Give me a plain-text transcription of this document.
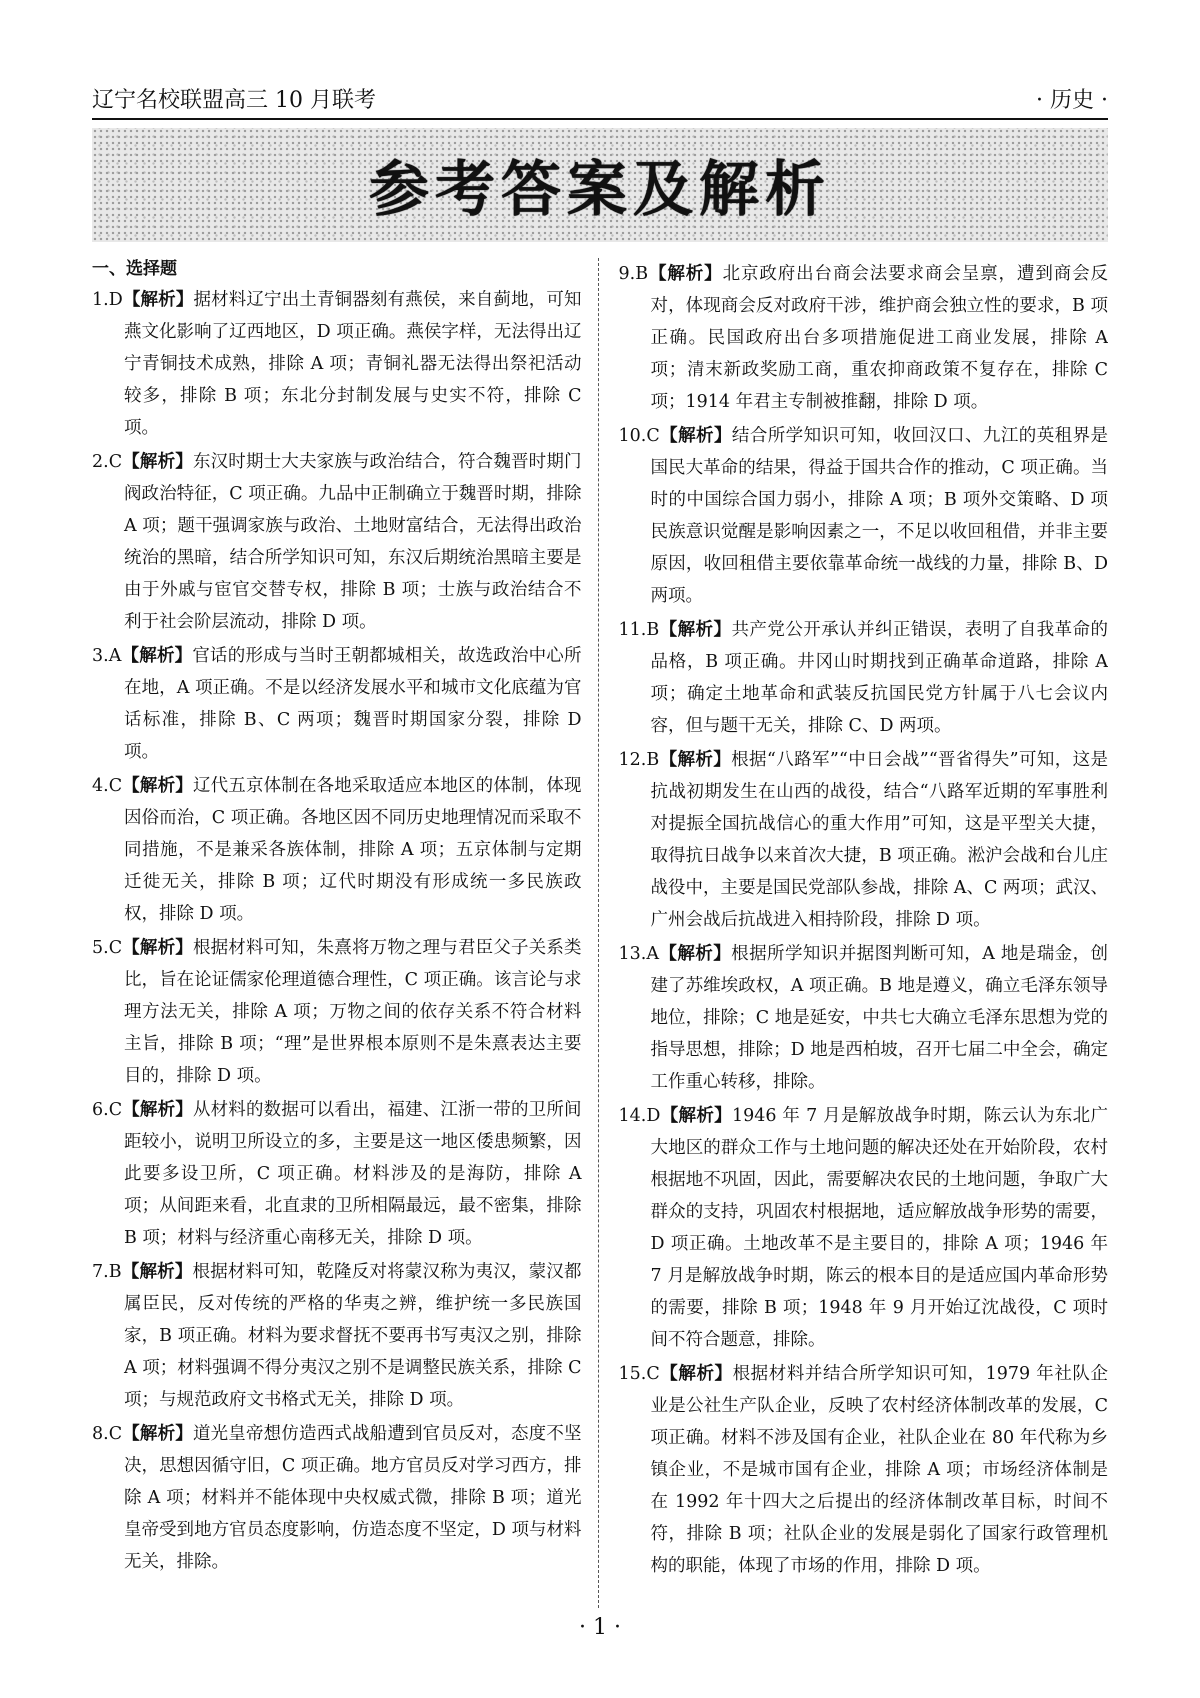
辽宁名校联盟高三 10 月联考	· 历史 ·
参考答案及解析
一、选择题

1.D【解析】据材料辽宁出土青铜器刻有燕侯，来自蓟地，可知燕文化影响了辽西地区，D 项正确。燕侯字样，无法得出辽宁青铜技术成熟，排除 A 项；青铜礼器无法得出祭祀活动较多，排除 B 项；东北分封制发展与史实不符，排除 C 项。

2.C【解析】东汉时期士大夫家族与政治结合，符合魏晋时期门阀政治特征，C 项正确。九品中正制确立于魏晋时期，排除 A 项；题干强调家族与政治、土地财富结合，无法得出政治统治的黑暗，结合所学知识可知，东汉后期统治黑暗主要是由于外戚与宦官交替专权，排除 B 项；士族与政治结合不利于社会阶层流动，排除 D 项。

3.A【解析】官话的形成与当时王朝都城相关，故选政治中心所在地，A 项正确。不是以经济发展水平和城市文化底蕴为官话标准，排除 B、C 两项；魏晋时期国家分裂，排除 D 项。

4.C【解析】辽代五京体制在各地采取适应本地区的体制，体现因俗而治，C 项正确。各地区因不同历史地理情况而采取不同措施，不是兼采各族体制，排除 A 项；五京体制与定期迁徙无关，排除 B 项；辽代时期没有形成统一多民族政权，排除 D 项。

5.C【解析】根据材料可知，朱熹将万物之理与君臣父子关系类比，旨在论证儒家伦理道德合理性，C 项正确。该言论与求理方法无关，排除 A 项；万物之间的依存关系不符合材料主旨，排除 B 项；“理”是世界根本原则不是朱熹表达主要目的，排除 D 项。

6.C【解析】从材料的数据可以看出，福建、江浙一带的卫所间距较小，说明卫所设立的多，主要是这一地区倭患频繁，因此要多设卫所，C 项正确。材料涉及的是海防，排除 A 项；从间距来看，北直隶的卫所相隔最远，最不密集，排除 B 项；材料与经济重心南移无关，排除 D 项。

7.B【解析】根据材料可知，乾隆反对将蒙汉称为夷汉，蒙汉都属臣民，反对传统的严格的华夷之辨，维护统一多民族国家，B 项正确。材料为要求督抚不要再书写夷汉之别，排除 A 项；材料强调不得分夷汉之别不是调整民族关系，排除 C 项；与规范政府文书格式无关，排除 D 项。

8.C【解析】道光皇帝想仿造西式战船遭到官员反对，态度不坚决，思想因循守旧，C 项正确。地方官员反对学习西方，排除 A 项；材料并不能体现中央权威式微，排除 B 项；道光皇帝受到地方官员态度影响，仿造态度不坚定，D 项与材料无关，排除。

9.B【解析】北京政府出台商会法要求商会呈禀，遭到商会反对，体现商会反对政府干涉，维护商会独立性的要求，B 项正确。民国政府出台多项措施促进工商业发展，排除 A 项；清末新政奖励工商，重农抑商政策不复存在，排除 C 项；1914 年君主专制被推翻，排除 D 项。

10.C【解析】结合所学知识可知，收回汉口、九江的英租界是国民大革命的结果，得益于国共合作的推动，C 项正确。当时的中国综合国力弱小，排除 A 项；B 项外交策略、D 项民族意识觉醒是影响因素之一，不足以收回租借，并非主要原因，收回租借主要依靠革命统一战线的力量，排除 B、D 两项。

11.B【解析】共产党公开承认并纠正错误，表明了自我革命的品格，B 项正确。井冈山时期找到正确革命道路，排除 A 项；确定土地革命和武装反抗国民党方针属于八七会议内容，但与题干无关，排除 C、D 两项。

12.B【解析】根据“八路军”“中日会战”“晋省得失”可知，这是抗战初期发生在山西的战役，结合“八路军近期的军事胜利对提振全国抗战信心的重大作用”可知，这是平型关大捷，取得抗日战争以来首次大捷，B 项正确。淞沪会战和台儿庄战役中，主要是国民党部队参战，排除 A、C 两项；武汉、广州会战后抗战进入相持阶段，排除 D 项。

13.A【解析】根据所学知识并据图判断可知，A 地是瑞金，创建了苏维埃政权，A 项正确。B 地是遵义，确立毛泽东领导地位，排除；C 地是延安，中共七大确立毛泽东思想为党的指导思想，排除；D 地是西柏坡，召开七届二中全会，确定工作重心转移，排除。

14.D【解析】1946 年 7 月是解放战争时期，陈云认为东北广大地区的群众工作与土地问题的解决还处在开始阶段，农村根据地不巩固，因此，需要解决农民的土地问题，争取广大群众的支持，巩固农村根据地，适应解放战争形势的需要，D 项正确。土地改革不是主要目的，排除 A 项；1946 年 7 月是解放战争时期，陈云的根本目的是适应国内革命形势的需要，排除 B 项；1948 年 9 月开始辽沈战役，C 项时间不符合题意，排除。

15.C【解析】根据材料并结合所学知识可知，1979 年社队企业是公社生产队企业，反映了农村经济体制改革的发展，C 项正确。材料不涉及国有企业，社队企业在 80 年代称为乡镇企业，不是城市国有企业，排除 A 项；市场经济体制是在 1992 年十四大之后提出的经济体制改革目标，时间不符，排除 B 项；社队企业的发展是弱化了国家行政管理机构的职能，体现了市场的作用，排除 D 项。

· 1 ·
